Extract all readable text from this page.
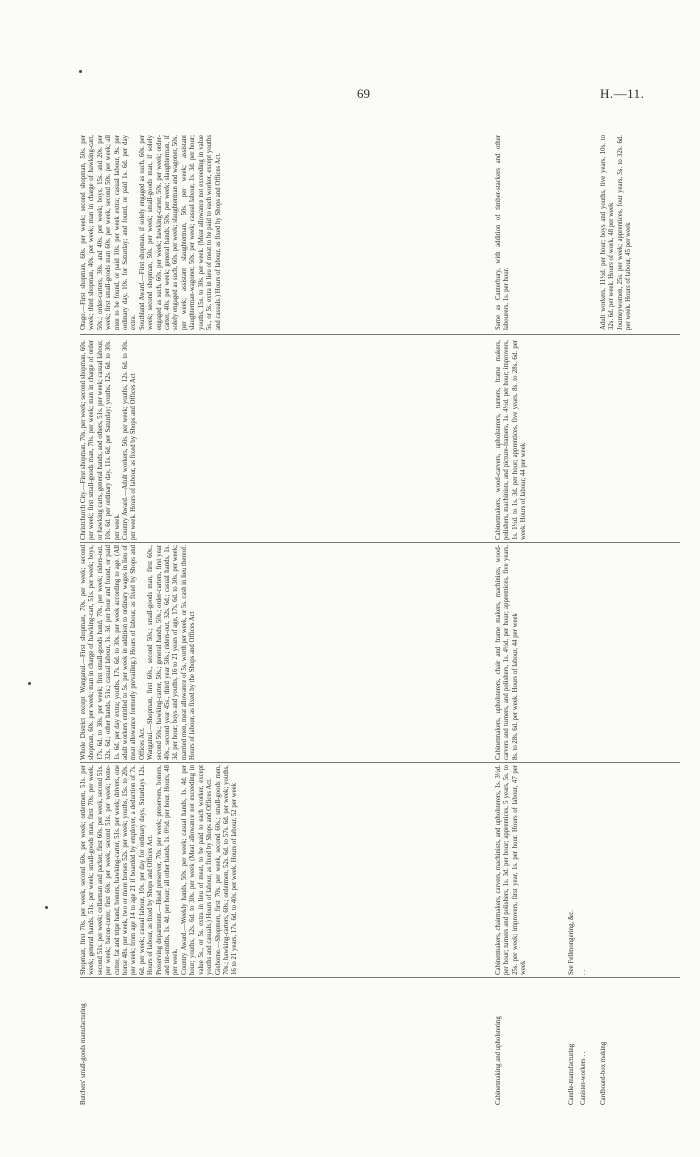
69	H.—11.
Butchers' small-goods manufacturing

Shopman, first 70s. per week, second 60s. per week; ordermen, 51s. per week; general hands, 51s. per week; small-goods man, first 70s. per week, second 51s. per week; cellarman and packer, first 60s. per week, second 51s. per week; bacon-curer, first 60s. per week, second 51s. per week; bone-cutter, fat and tripe hand, boners, hawking-carter, 51s. per week; drivers, one horse 48s. per week, two or more horses 52s. per week; youths, 15s. to 20s. per week; from age 14 to age 21 if boarded by employer, a deduction of 7s. 6d. per week; casual labour, 10s. per day for ordinary days, Saturdays 12s. Hours of labour, as fixed by Shops and Offices Act. Preserving department.—Head preserver, 70s. per week; preservers, boners, and tin-smiths, 1s. 4d. per hour; all other hands, 1s. 0½d. per hour. Hours, 48 per week. Country Award.—Weekly hands, 50s. per week; casual hands, 1s. 4d. per hour; youths, 12s. 6d. to 30s. per week (Meat allowance not exceeding in value 5s., or 5s. extra in lieu of meat, to be paid to each worker, except youths and casuals.) Hours of labour, as fixed by Shops and Offices Act. Gisborne.—Shopmen, first 70s. per week, second 60s.; small-goods men, 70s.; hawking-carters, 60s.; ordermen, 52s. 6d. to 57s. 6d. per week; youths, 16 to 21 years, 17s. 6d. to 40s. per week. Hours of labour, 52 per week

Whole District except Wanganui.—First shopman, 70s. per week; second shopman, 60s. per week; man in charge of hawking-cart, 51s. per week; boys, 17s. 6d. to 30s. per week; first small-goods hand, 70s. per week; riders-out, 32s. 6d.; other hands, 51s.; casual labour, 1s. 3d. per hour and found, or paid 1s. 6d. per day extra; youths, 17s. 6d. to 30s. per week according to age. (All adult workers entitled to 5s. per week in addition to ordinary wages in lieu of meat allowance formerly prevailing.) Hours of labour, as fixed by Shops and Offices Act. Wanganui.—Shopman, first 60s., second 50s.; small-goods man, first 60s., second 50s.; hawking-carter, 50s.; general hands, 50s.; order-carters, first year 40s., second year 45s., third year 50s.; riders-out, 32s. 6d.; casual hands, 1s. 3d. per hour; boys and youths, 16 to 21 years of age, 17s. 6d. to 30s. per week; married men, meat allowance of 5s. worth per week, or 5s. cash in lieu thereof. Hours of labour, as fixed by the Shops and Offices Act

Christchurch City.—First shopman, 70s. per week; second shopman, 60s. per week; first small-goods man, 70s. per week; man in charge of order or hawking carts, general hands, and others, 51s. per week; casual labour, 10s. 6d. per ordinary day, 11s. 6d. per Saturday; youths, 12s. 6d. to 30s. per week. Country Award.—Adult workers, 50s. per week; youths, 12s. 6d. to 30s. per week. Hours of labour, as fixed by Shops and Offices Act

Otago.—First shopman, 60s. per week; second shopman, 50s. per week; third shopman, 40s. per week; man in charge of hawking-cart, 50s.; order-carters, 30s. and 40s. per week; boys, 15s. and 20s. per week; first small-goods man 60s. per week, second 50s. per week; all men to be found, or paid 10s. per week extra; casual labour, 9s. per ordinary day, 10s. for Saturday; and found, or paid 1s. 6d. per day extra. Southland Award.—First shopman, if solely engaged as such, 60s. per week; second shopman, 50s. per week; small-goods man, if solely engaged as such, 60s. per week; hawking-carter, 50s. per week; order-carter, 40s. per week; general hands, 50s. per week; slaughterman, if solely engaged as such, 60s. per week; slaughterman and wagoner, 50s. per week; assistant slaughterman, 50s. per week; assistant slaughterman-wagoner, 50s. per week; casual labour, 1s. 3d. per hour; youths, 15s. to 30s. per week. (Meat allowance not exceeding in value 5s., or 5s. extra in lieu of meat to be paid to each worker, except youths and casuals.) Hours of labour, as fixed by Shops and Offices Act.

Cabinetmaking and upholstering
Cabinetmakers, chairmakers, carvers, machinists, and upholsterers, 1s. 3½d. per hour; turners and polishers, 1s. 3d. per hour; apprentices, 5 years, 5s. to 25s. per week; improvers, first year, 1s. per hour. Hours of labour, 47 per week
Cabinetmakers, upholsterers, chair and frame makers, machinists, wood-carvers and turners, and polishers, 1s. 4½d. per hour; apprentices, five years, 8s. to 28s. 6d. per week. Hours of labour, 44 per week
Cabinetmakers, wood-carvers, upholsterers, turners, frame makers, polishers, machinists, and picture-framers, 1s. 4½d. per hour; improvers, 1s. 1½d. to 1s. 3d. per hour; apprentices, five years, 8s. to 28s. 6d. per week. Hours of labour, 44 per week
Same as Canterbury, with addition of timber-stackers and other labourers, 1s. per hour.
Candle-manufacturing
See Fellmongering, &c.
Canister-workers . .
. .
Cardboard-box making

Adult workers, 11½d. per hour; boys and youths, five years, 10s. to 32s. 6d. per week. Hours of work, 48 per week Journeywomen, 25s. per week; apprentices, four years, 5s. to 32s. 6d. per week. Hours of labour, 45 per week
